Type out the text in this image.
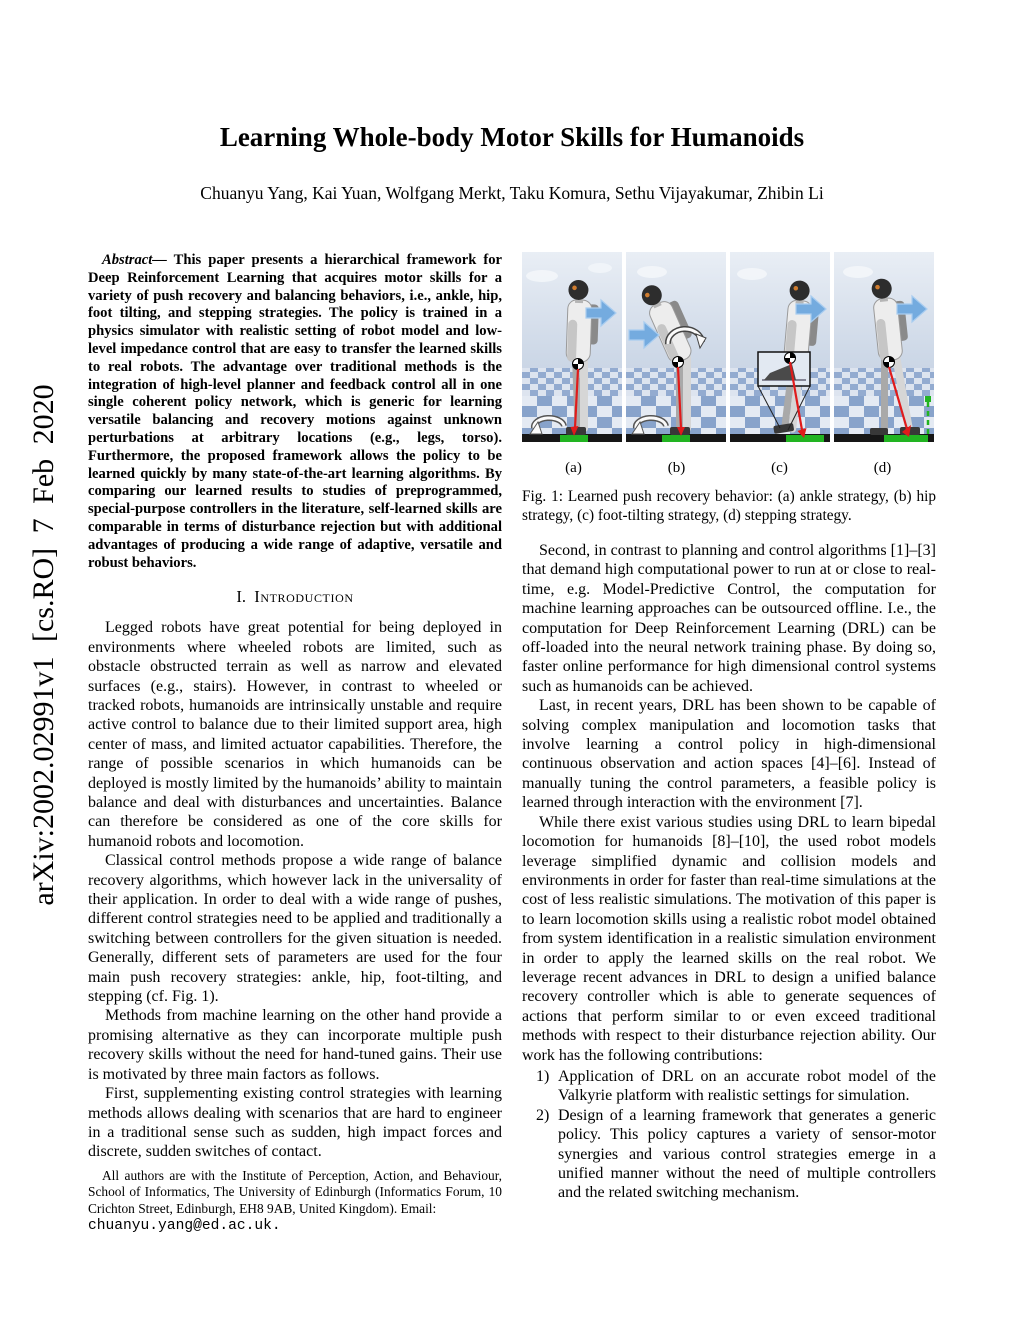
arXiv:2002.02991v1 [cs.RO] 7 Feb 2020
Learning Whole-body Motor Skills for Humanoids
Chuanyu Yang, Kai Yuan, Wolfgang Merkt, Taku Komura, Sethu Vijayakumar, Zhibin Li

Abstract— This paper presents a hierarchical framework for Deep Reinforcement Learning that acquires motor skills for a variety of push recovery and balancing behaviors, i.e., ankle, hip, foot tilting, and stepping strategies. The policy is trained in a physics simulator with realistic setting of robot model and low-level impedance control that are easy to transfer the learned skills to real robots. The advantage over traditional methods is the integration of high-level planner and feedback control all in one single coherent policy network, which is generic for learning versatile balancing and recovery motions against unknown perturbations at arbitrary locations (e.g., legs, torso). Furthermore, the proposed framework allows the policy to be learned quickly by many state-of-the-art learning algorithms. By comparing our learned results to studies of preprogrammed, special-purpose controllers in the literature, self-learned skills are comparable in terms of disturbance rejection but with additional advantages of producing a wide range of adaptive, versatile and robust behaviors.

I. Introduction

Legged robots have great potential for being deployed in environments where wheeled robots are limited, such as obstacle obstructed terrain as well as narrow and elevated surfaces (e.g., stairs). However, in contrast to wheeled or tracked robots, humanoids are intrinsically unstable and require active control to balance due to their limited support area, high center of mass, and limited actuator capabilities. Therefore, the range of possible scenarios in which humanoids can be deployed is mostly limited by the humanoids’ ability to maintain balance and deal with disturbances and uncertainties. Balance can therefore be considered as one of the core skills for humanoid robots and locomotion.

Classical control methods propose a wide range of balance recovery algorithms, which however lack in the universality of their application. In order to deal with a wide range of pushes, different control strategies need to be applied and traditionally a switching between controllers for the given situation is needed. Generally, different sets of parameters are used for the four main push recovery strategies: ankle, hip, foot-tilting, and stepping (cf. Fig. 1).

Methods from machine learning on the other hand provide a promising alternative as they can incorporate multiple push recovery skills without the need for hand-tuned gains. Their use is motivated by three main factors as follows.

First, supplementing existing control strategies with learning methods allows dealing with scenarios that are hard to engineer in a traditional sense such as sudden, high impact forces and discrete, sudden switches of contact.

All authors are with the Institute of Perception, Action, and Behaviour, School of Informatics, The University of Edinburgh (Informatics Forum, 10 Crichton Street, Edinburgh, EH8 9AB, United Kingdom). Email:
chuanyu.yang@ed.ac.uk.
(a)	(b)	(c)	(d)
Fig. 1: Learned push recovery behavior: (a) ankle strategy, (b) hip strategy, (c) foot-tilting strategy, (d) stepping strategy.

Second, in contrast to planning and control algorithms [1]–[3] that demand high computational power to run at or close to real-time, e.g. Model-Predictive Control, the computation for machine learning approaches can be outsourced offline. I.e., the computation for Deep Reinforcement Learning (DRL) can be off-loaded into the neural network training phase. By doing so, faster online performance for high dimensional control systems such as humanoids can be achieved.

Last, in recent years, DRL has been shown to be capable of solving complex manipulation and locomotion tasks that involve learning a control policy in high-dimensional continuous observation and action spaces [4]–[6]. Instead of manually tuning the control parameters, a feasible policy is learned through interaction with the environment [7].

While there exist various studies using DRL to learn bipedal locomotion for humanoids [8]–[10], the used robot models leverage simplified dynamic and collision models and environments in order for faster than real-time simulations at the cost of less realistic simulations. The motivation of this paper is to learn locomotion skills using a realistic robot model obtained from system identification in a realistic simulation environment in order to apply the learned skills on the real robot. We leverage recent advances in DRL to design a unified balance recovery controller which is able to generate sequences of actions that perform similar to or even exceed traditional methods with respect to their disturbance rejection ability. Our work has the following contributions:

1) Application of DRL on an accurate robot model of the Valkyrie platform with realistic settings for simulation.
2) Design of a learning framework that generates a generic policy. This policy captures a variety of sensor-motor synergies and various control strategies emerge in a unified manner without the need of multiple controllers and the related switching mechanism.
